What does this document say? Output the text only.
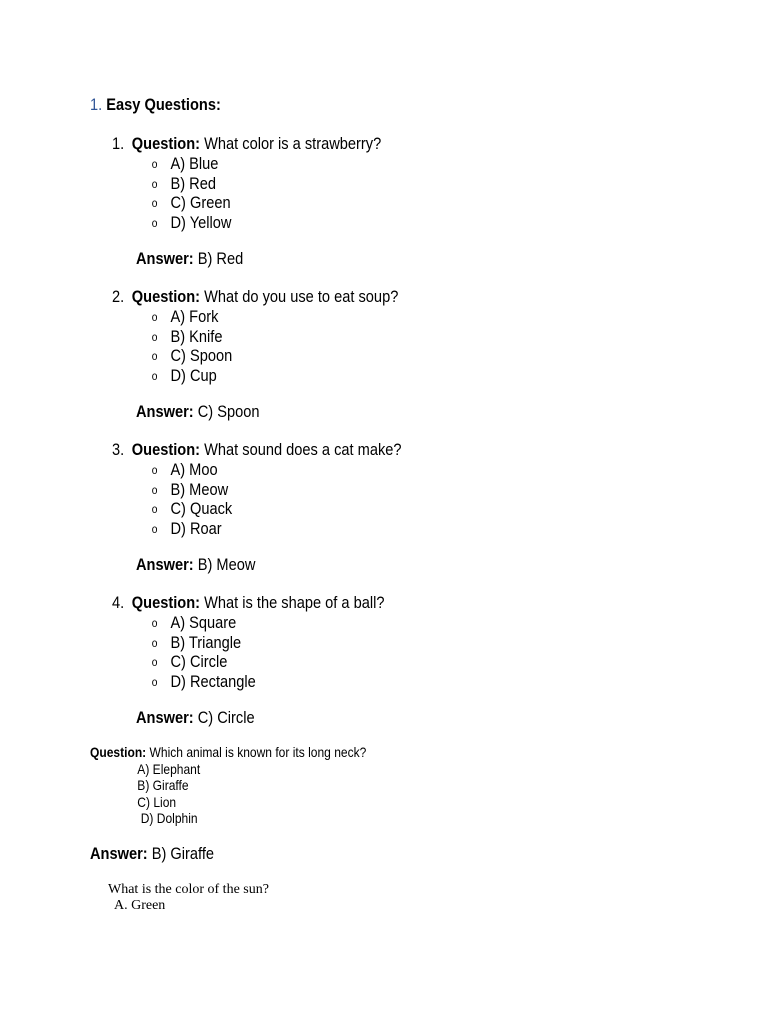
1. Easy Questions:
1. Question: What color is a strawberry?
o A) Blue
o B) Red
o C) Green
o D) Yellow
Answer: B) Red
2. Question: What do you use to eat soup?
o A) Fork
o B) Knife
o C) Spoon
o D) Cup
Answer: C) Spoon
3. Ouestion: What sound does a cat make?
o A) Moo
o B) Meow
o C) Quack
o D) Roar
Answer: B) Meow
4. Question: What is the shape of a ball?
o A) Square
o B) Triangle
o C) Circle
o D) Rectangle
Answer: C) Circle
Question: Which animal is known for its long neck?
A) Elephant
B) Giraffe
C) Lion
D) Dolphin
Answer: B) Giraffe
What is the color of the sun?
A. Green
